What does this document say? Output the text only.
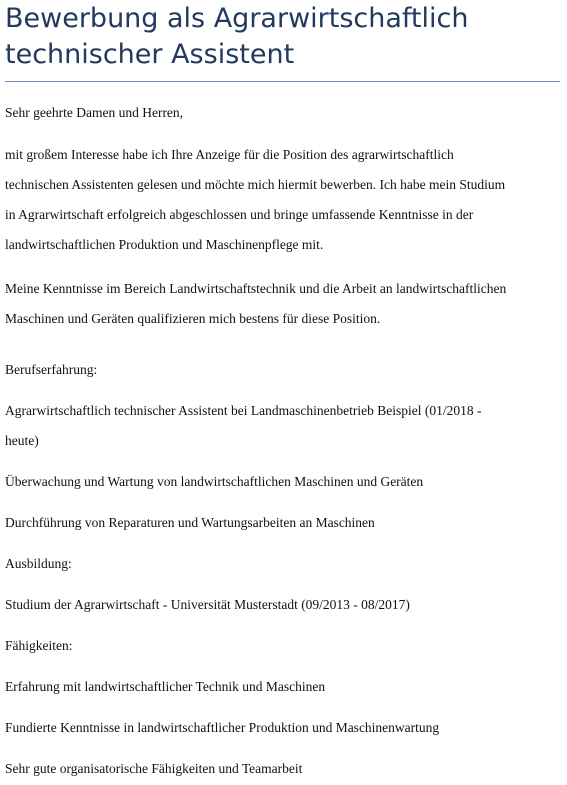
Bewerbung als Agrarwirtschaftlich
technischer Assistent

Sehr geehrte Damen und Herren,

mit großem Interesse habe ich Ihre Anzeige für die Position des agrarwirtschaftlich
technischen Assistenten gelesen und möchte mich hiermit bewerben. Ich habe mein Studium
in Agrarwirtschaft erfolgreich abgeschlossen und bringe umfassende Kenntnisse in der
landwirtschaftlichen Produktion und Maschinenpflege mit.

Meine Kenntnisse im Bereich Landwirtschaftstechnik und die Arbeit an landwirtschaftlichen
Maschinen und Geräten qualifizieren mich bestens für diese Position.

Berufserfahrung:

Agrarwirtschaftlich technischer Assistent bei Landmaschinenbetrieb Beispiel (01/2018 -

heute)

Überwachung und Wartung von landwirtschaftlichen Maschinen und Geräten

Durchführung von Reparaturen und Wartungsarbeiten an Maschinen

Ausbildung:

Studium der Agrarwirtschaft - Universität Musterstadt (09/2013 - 08/2017)

Fähigkeiten:

Erfahrung mit landwirtschaftlicher Technik und Maschinen

Fundierte Kenntnisse in landwirtschaftlicher Produktion und Maschinenwartung

Sehr gute organisatorische Fähigkeiten und Teamarbeit
